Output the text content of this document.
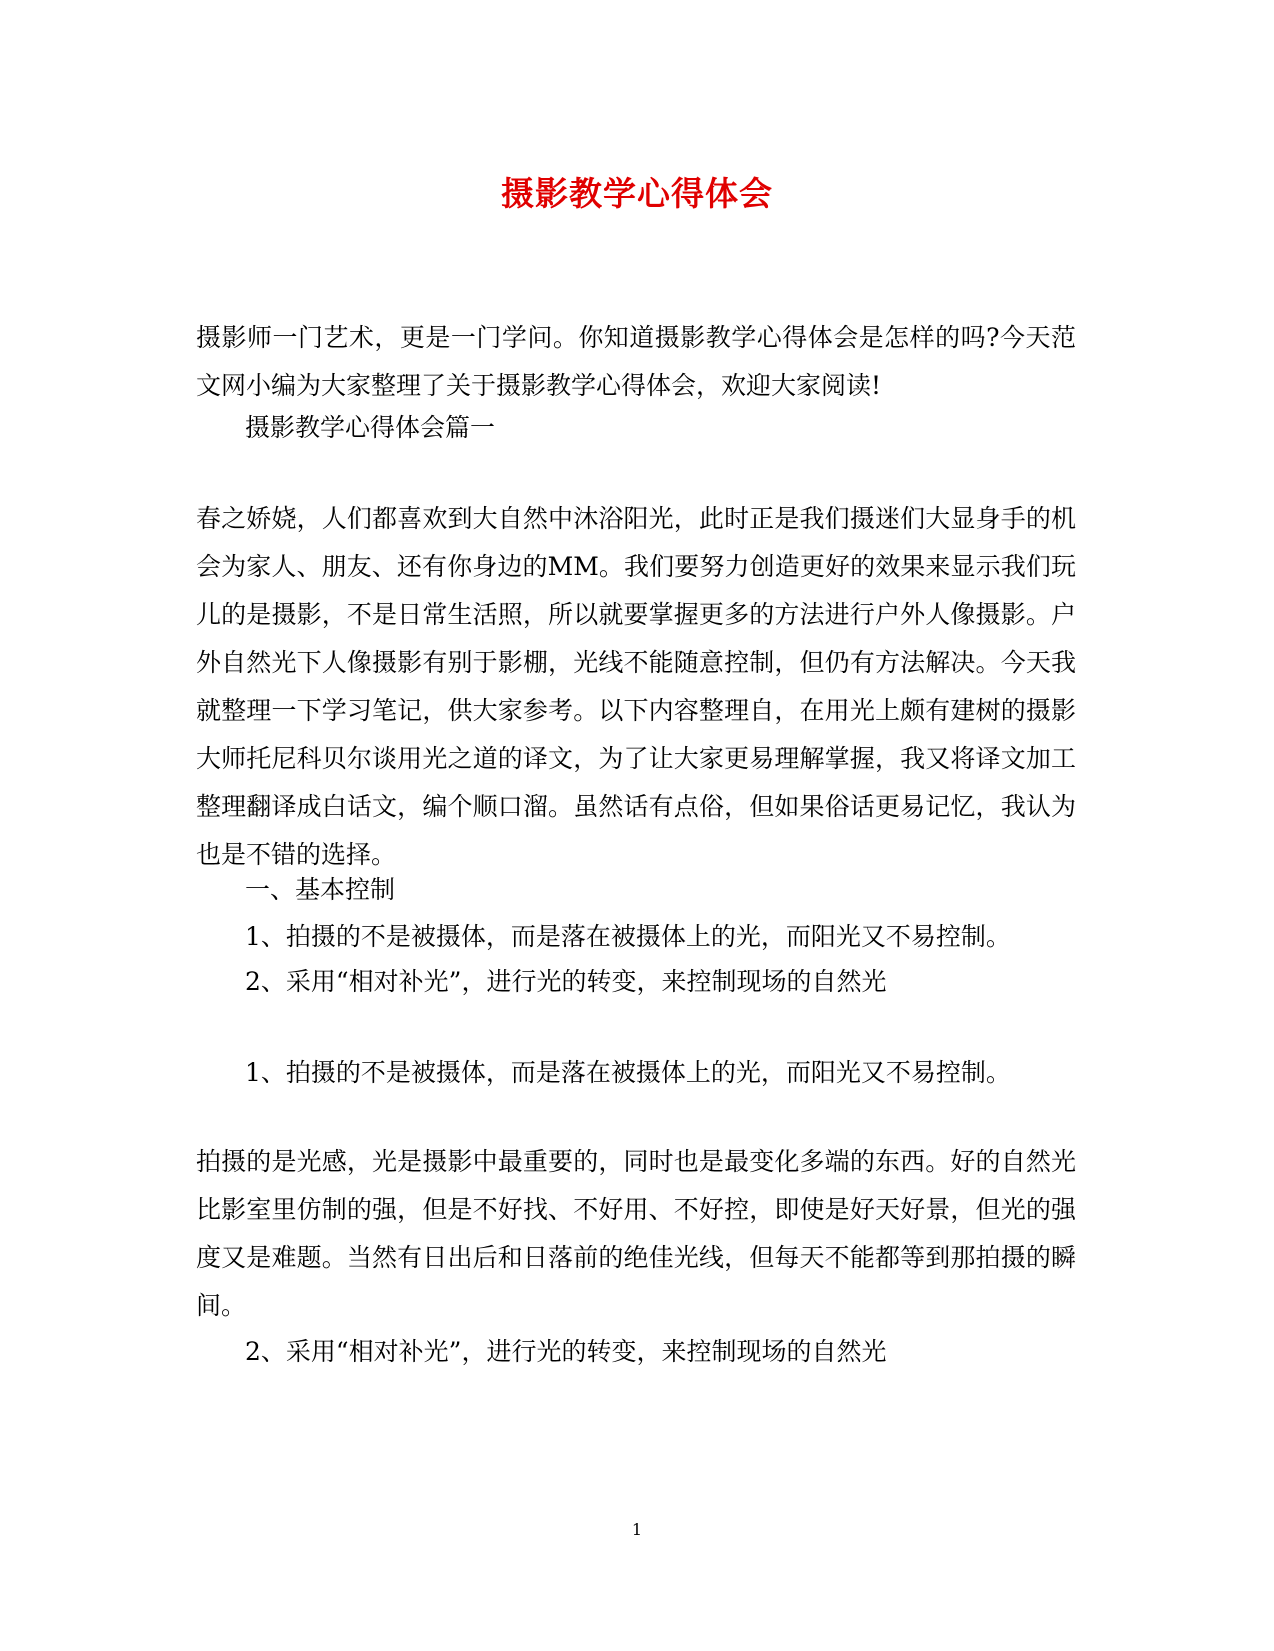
摄影教学心得体会

摄影师一门艺术，更是一门学问。你知道摄影教学心得体会是怎样的吗?今天范文网小编为大家整理了关于摄影教学心得体会，欢迎大家阅读!

摄影教学心得体会篇一

春之娇娆，人们都喜欢到大自然中沐浴阳光，此时正是我们摄迷们大显身手的机会为家人、朋友、还有你身边的MM。我们要努力创造更好的效果来显示我们玩儿的是摄影，不是日常生活照，所以就要掌握更多的方法进行户外人像摄影。户外自然光下人像摄影有别于影棚，光线不能随意控制，但仍有方法解决。今天我就整理一下学习笔记，供大家参考。以下内容整理自，在用光上颇有建树的摄影大师托尼科贝尔谈用光之道的译文，为了让大家更易理解掌握，我又将译文加工整理翻译成白话文，编个顺口溜。虽然话有点俗，但如果俗话更易记忆，我认为也是不错的选择。

一、基本控制

1、拍摄的不是被摄体，而是落在被摄体上的光，而阳光又不易控制。

2、采用“相对补光”，进行光的转变，来控制现场的自然光

1、拍摄的不是被摄体，而是落在被摄体上的光，而阳光又不易控制。

拍摄的是光感，光是摄影中最重要的，同时也是最变化多端的东西。好的自然光比影室里仿制的强，但是不好找、不好用、不好控，即使是好天好景，但光的强度又是难题。当然有日出后和日落前的绝佳光线，但每天不能都等到那拍摄的瞬间。

2、采用“相对补光”，进行光的转变，来控制现场的自然光

1
